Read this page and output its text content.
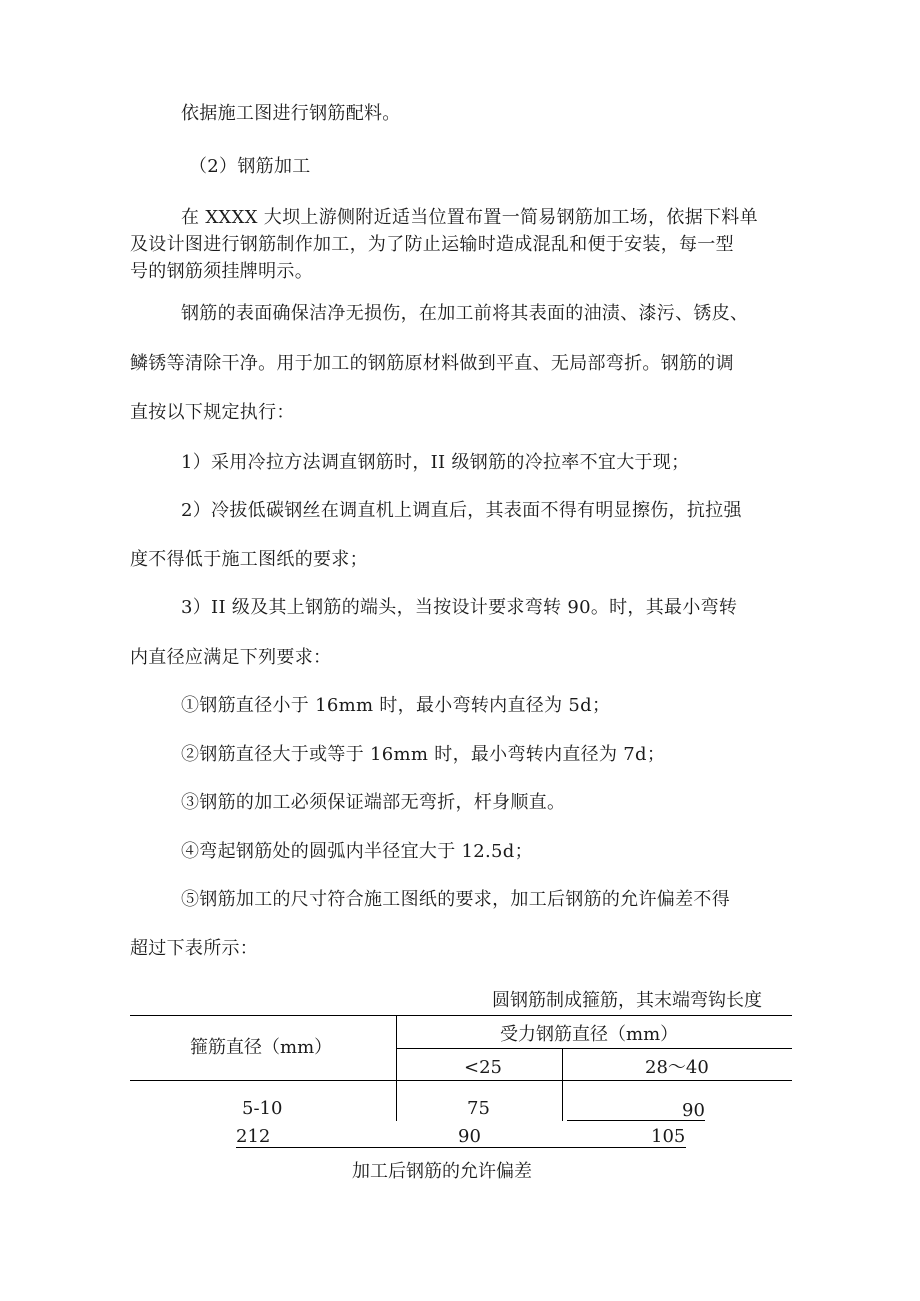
依据施工图进行钢筋配料。
（2）钢筋加工
在 XXXX 大坝上游侧附近适当位置布置一简易钢筋加工场，依据下料单
及设计图进行钢筋制作加工，为了防止运输时造成混乱和便于安装，每一型
号的钢筋须挂牌明示。
钢筋的表面确保洁净无损伤，在加工前将其表面的油渍、漆污、锈皮、
鳞锈等清除干净。用于加工的钢筋原材料做到平直、无局部弯折。钢筋的调
直按以下规定执行：
1）采用冷拉方法调直钢筋时，II 级钢筋的冷拉率不宜大于现；
2）冷拔低碳钢丝在调直机上调直后，其表面不得有明显擦伤，抗拉强
度不得低于施工图纸的要求；
3）II 级及其上钢筋的端头，当按设计要求弯转 90。时，其最小弯转
内直径应满足下列要求：
①钢筋直径小于 16mm 时，最小弯转内直径为 5d；
②钢筋直径大于或等于 16mm 时，最小弯转内直径为 7d；
③钢筋的加工必须保证端部无弯折，杆身顺直。
④弯起钢筋处的圆弧内半径宜大于 12.5d；
⑤钢筋加工的尺寸符合施工图纸的要求，加工后钢筋的允许偏差不得
超过下表所示：
圆钢筋制成箍筋，其末端弯钩长度
箍筋直径（mm）
受力钢筋直径（mm）
<25	28～40
5-10	75	90
212	90	105
加工后钢筋的允许偏差
